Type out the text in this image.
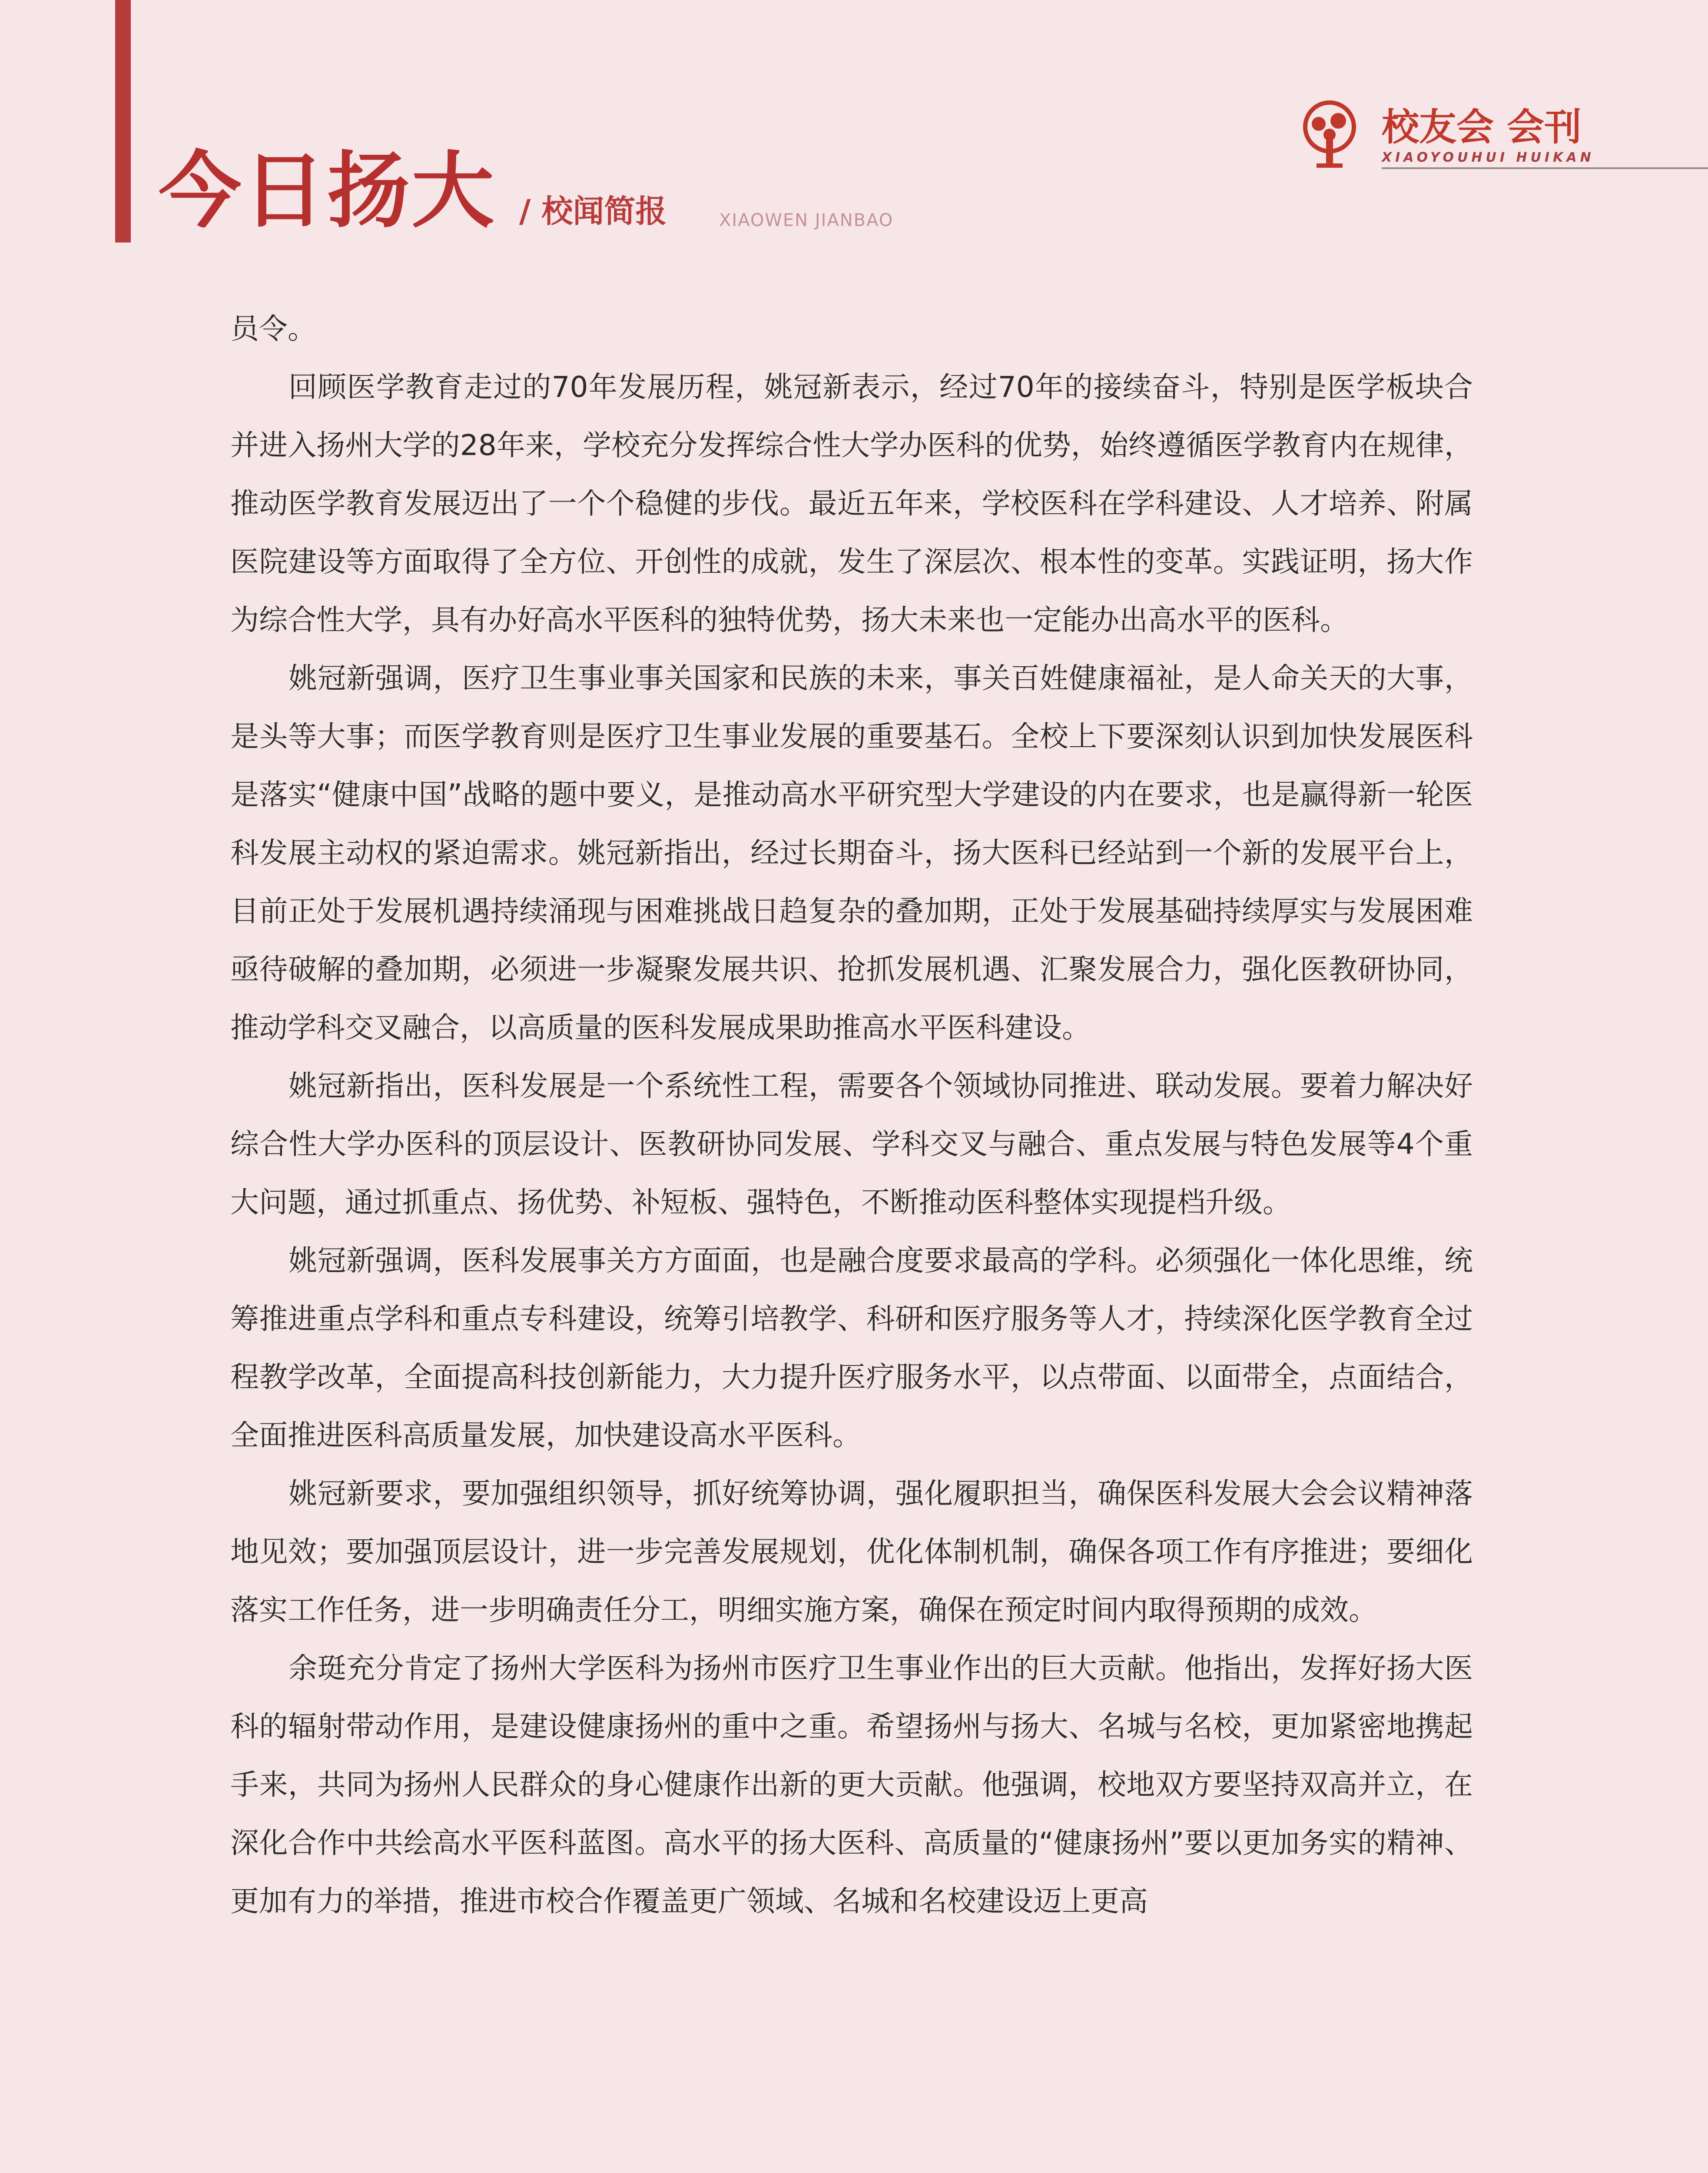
今日扬大 / 校闻简报	XIAOWEN JIANBAO
校友会 会刊
XIAOYOUHUI HUIKAN

员令。

回顾医学教育走过的70年发展历程，姚冠新表示，经过70年的接续奋斗，特别是医学板块合并进入扬州大学的28年来，学校充分发挥综合性大学办医科的优势，始终遵循医学教育内在规律，推动医学教育发展迈出了一个个稳健的步伐。最近五年来，学校医科在学科建设、人才培养、附属医院建设等方面取得了全方位、开创性的成就，发生了深层次、根本性的变革。实践证明，扬大作为综合性大学，具有办好高水平医科的独特优势，扬大未来也一定能办出高水平的医科。

姚冠新强调，医疗卫生事业事关国家和民族的未来，事关百姓健康福祉，是人命关天的大事，是头等大事；而医学教育则是医疗卫生事业发展的重要基石。全校上下要深刻认识到加快发展医科是落实“健康中国”战略的题中要义，是推动高水平研究型大学建设的内在要求，也是赢得新一轮医科发展主动权的紧迫需求。姚冠新指出，经过长期奋斗，扬大医科已经站到一个新的发展平台上，目前正处于发展机遇持续涌现与困难挑战日趋复杂的叠加期，正处于发展基础持续厚实与发展困难亟待破解的叠加期，必须进一步凝聚发展共识、抢抓发展机遇、汇聚发展合力，强化医教研协同，推动学科交叉融合，以高质量的医科发展成果助推高水平医科建设。

姚冠新指出，医科发展是一个系统性工程，需要各个领域协同推进、联动发展。要着力解决好综合性大学办医科的顶层设计、医教研协同发展、学科交叉与融合、重点发展与特色发展等4个重大问题，通过抓重点、扬优势、补短板、强特色，不断推动医科整体实现提档升级。

姚冠新强调，医科发展事关方方面面，也是融合度要求最高的学科。必须强化一体化思维，统筹推进重点学科和重点专科建设，统筹引培教学、科研和医疗服务等人才，持续深化医学教育全过程教学改革，全面提高科技创新能力，大力提升医疗服务水平，以点带面、以面带全，点面结合，全面推进医科高质量发展，加快建设高水平医科。

姚冠新要求，要加强组织领导，抓好统筹协调，强化履职担当，确保医科发展大会会议精神落地见效；要加强顶层设计，进一步完善发展规划，优化体制机制，确保各项工作有序推进；要细化落实工作任务，进一步明确责任分工，明细实施方案，确保在预定时间内取得预期的成效。

余珽充分肯定了扬州大学医科为扬州市医疗卫生事业作出的巨大贡献。他指出，发挥好扬大医科的辐射带动作用，是建设健康扬州的重中之重。希望扬州与扬大、名城与名校，更加紧密地携起手来，共同为扬州人民群众的身心健康作出新的更大贡献。他强调，校地双方要坚持双高并立，在深化合作中共绘高水平医科蓝图。高水平的扬大医科、高质量的“健康扬州”要以更加务实的精神、更加有力的举措，推进市校合作覆盖更广领域、名城和名校建设迈上更高
